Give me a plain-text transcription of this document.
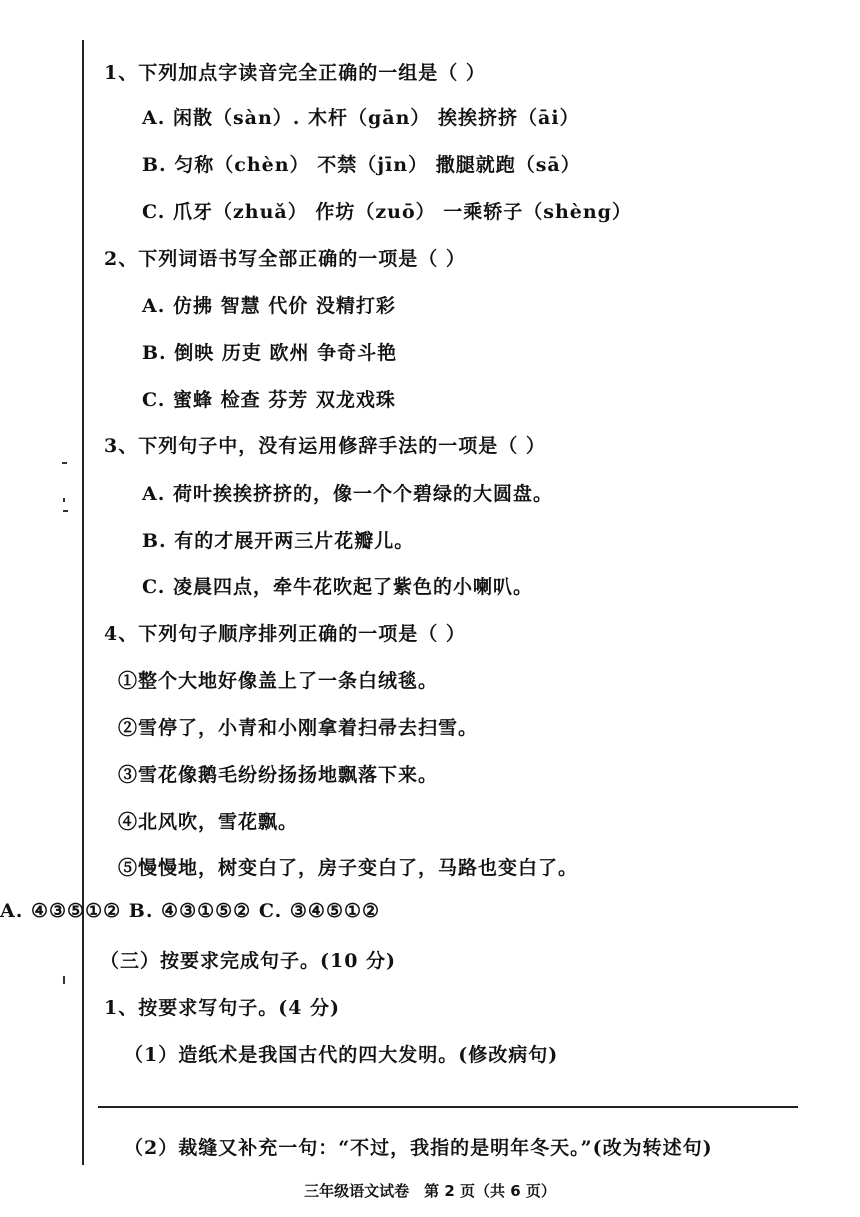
1、下列加点字读音完全正确的一组是（ ）
A. 闲散（sàn）. 木杆（gān） 挨挨挤挤（āi）
B. 匀称（chèn） 不禁（jīn） 撒腿就跑（sā）
C. 爪牙（zhuǎ） 作坊（zuō） 一乘轿子（shèng）
2、下列词语书写全部正确的一项是（ ）
A. 仿拂 智慧 代价 没精打彩
B. 倒映 历吏 欧州 争奇斗艳
C. 蜜蜂 检查 芬芳 双龙戏珠
3、下列句子中，没有运用修辞手法的一项是（ ）
A. 荷叶挨挨挤挤的，像一个个碧绿的大圆盘。
B. 有的才展开两三片花瓣儿。
C. 凌晨四点，牵牛花吹起了紫色的小喇叭。
4、下列句子顺序排列正确的一项是（ ）
①整个大地好像盖上了一条白绒毯。
②雪停了，小青和小刚拿着扫帚去扫雪。
③雪花像鹅毛纷纷扬扬地飘落下来。
④北风吹，雪花飘。
⑤慢慢地，树变白了，房子变白了，马路也变白了。
A. ④③⑤①② B. ④③①⑤② C. ③④⑤①②
（三）按要求完成句子。(10 分)
1、按要求写句子。(4 分)
（1）造纸术是我国古代的四大发明。(修改病句)
（2）裁缝又补充一句：“不过，我指的是明年冬天。”(改为转述句)
三年级语文试卷　第 2 页（共 6 页）
